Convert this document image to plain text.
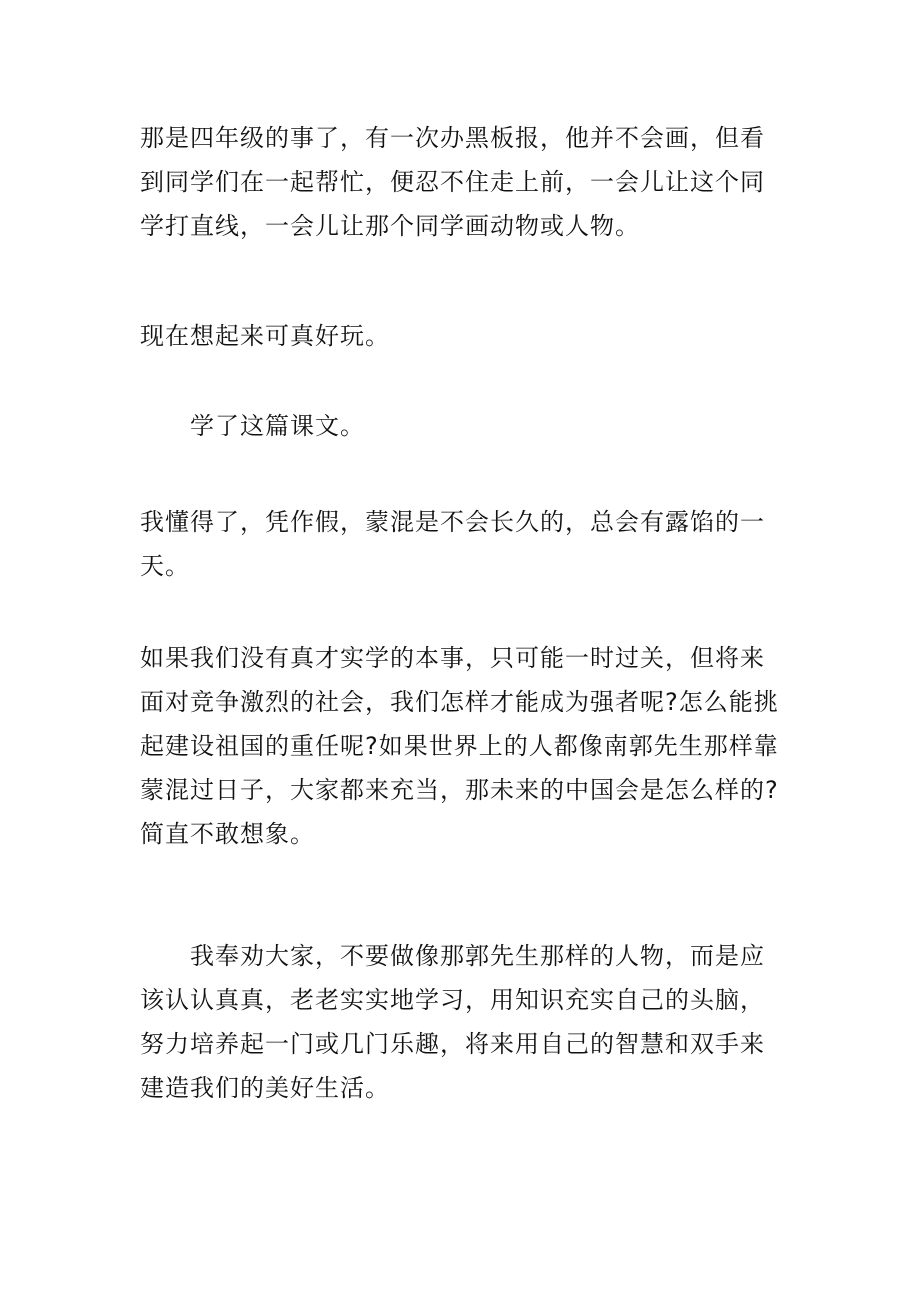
那是四年级的事了，有一次办黑板报，他并不会画，但看
到同学们在一起帮忙，便忍不住走上前，一会儿让这个同
学打直线，一会儿让那个同学画动物或人物。

现在想起来可真好玩。

　　学了这篇课文。

我懂得了，凭作假，蒙混是不会长久的，总会有露馅的一
天。

如果我们没有真才实学的本事，只可能一时过关，但将来
面对竞争激烈的社会，我们怎样才能成为强者呢?怎么能挑
起建设祖国的重任呢?如果世界上的人都像南郭先生那样靠
蒙混过日子，大家都来充当，那未来的中国会是怎么样的?
简直不敢想象。

　　我奉劝大家，不要做像那郭先生那样的人物，而是应
该认认真真，老老实实地学习，用知识充实自己的头脑，
努力培养起一门或几门乐趣，将来用自己的智慧和双手来
建造我们的美好生活。
